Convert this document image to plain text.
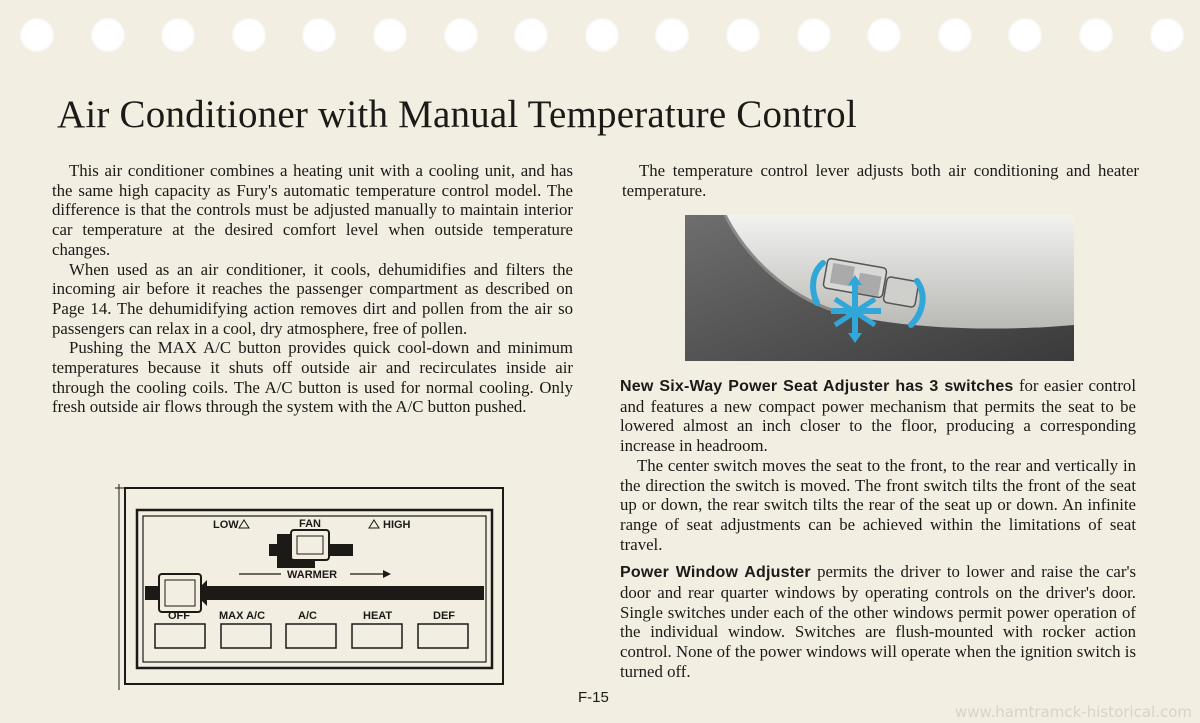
Air Conditioner with Manual Temperature Control

This air conditioner combines a heating unit with a cooling unit, and has the same high capacity as Fury's automatic temperature control model. The difference is that the controls must be adjusted manually to maintain interior car temperature at the desired comfort level when outside temperature changes.

When used as an air conditioner, it cools, dehumidifies and filters the incoming air before it reaches the passenger compartment as described on Page 14. The dehumidifying action removes dirt and pollen from the air so passengers can relax in a cool, dry atmosphere, free of pollen.

Pushing the MAX A/C button provides quick cool-down and minimum temperatures because it shuts off outside air and recirculates inside air through the cooling coils. The A/C button is used for normal cooling. Only fresh outside air flows through the system with the A/C button pushed.

The temperature control lever adjusts both air conditioning and heater temperature.

New Six-Way Power Seat Adjuster has 3 switches for easier control and features a new compact power mechanism that permits the seat to be lowered almost an inch closer to the floor, producing a corresponding increase in headroom.

The center switch moves the seat to the front, to the rear and vertically in the direction the switch is moved. The front switch tilts the front of the seat up or down, the rear switch tilts the rear of the seat up or down. An infinite range of seat adjustments can be achieved within the limitations of seat travel.

Power Window Adjuster permits the driver to lower and raise the car's door and rear quarter windows by operating controls on the driver's door. Single switches under each of the other windows permit power operation of the individual window. Switches are flush-mounted with rocker action control. None of the power windows will operate when the ignition switch is turned off.

LOW	FAN	HIGH
WARMER
OFF	MAX A/C	A/C	HEAT	DEF
F-15
www.hamtramck-historical.com
